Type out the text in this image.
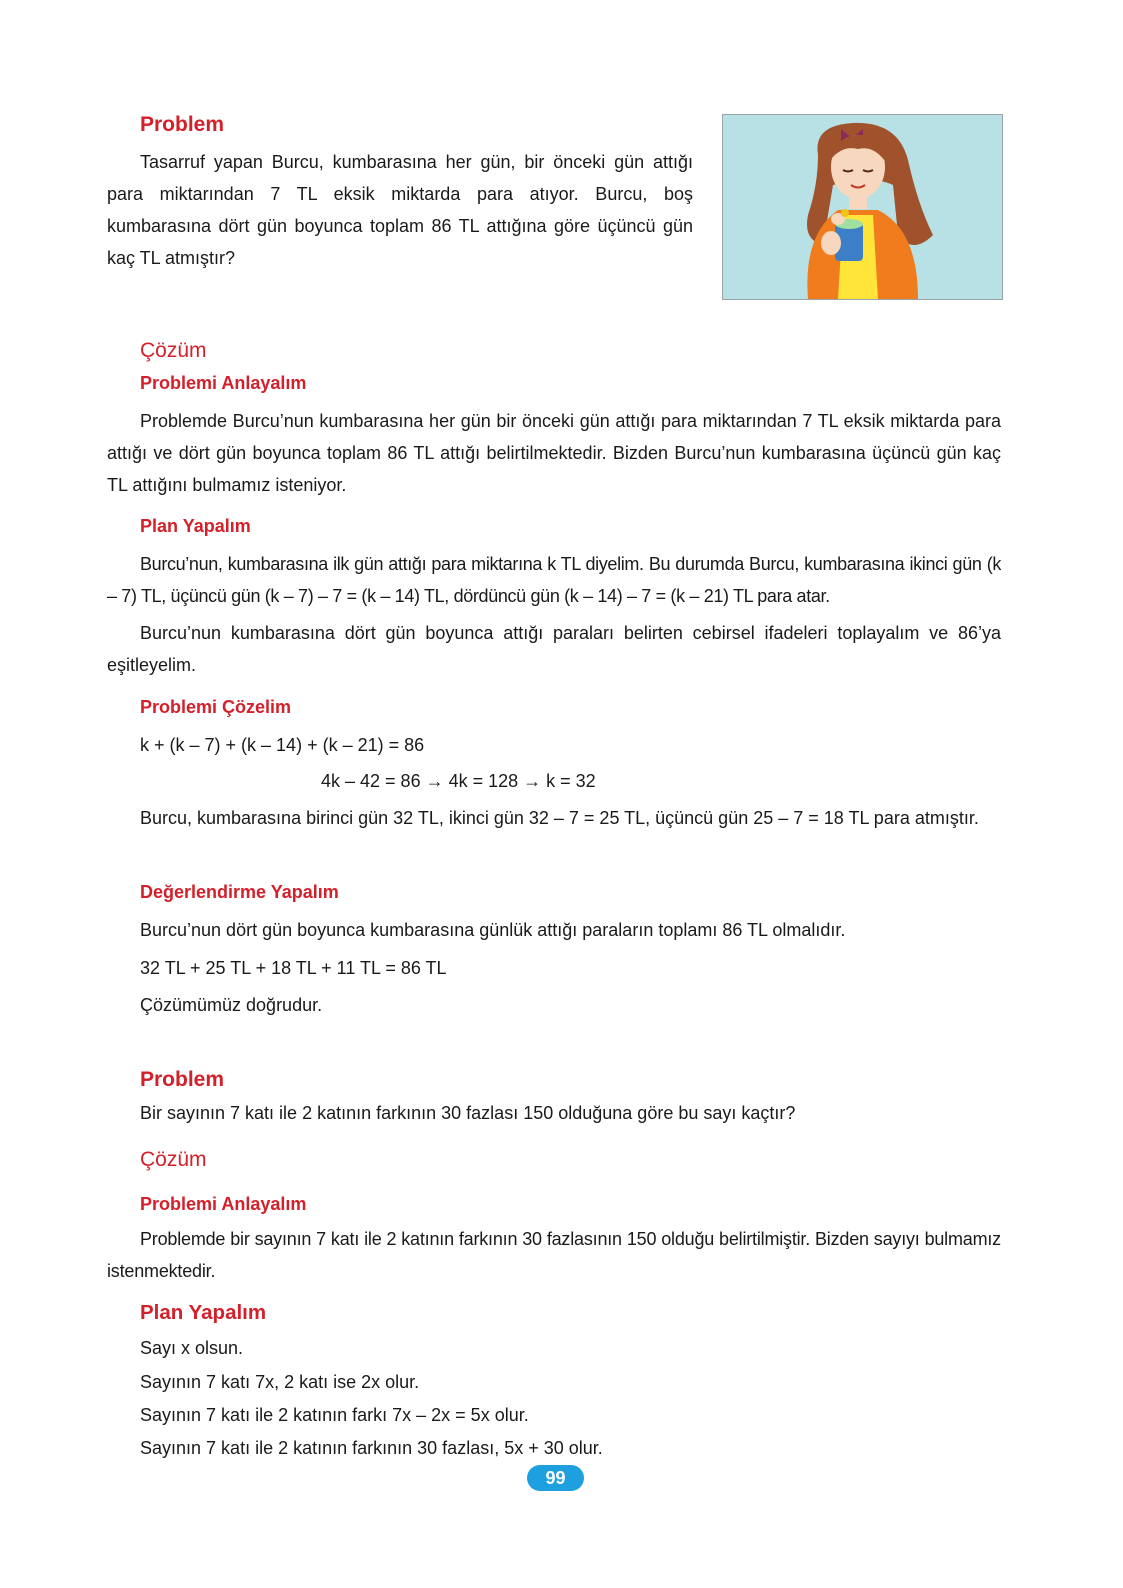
Problem
Tasarruf yapan Burcu, kumbarasına her gün, bir önceki gün attığı para miktarından 7 TL eksik miktarda para atıyor. Burcu, boş kumbarasına dört gün boyunca toplam 86 TL attığına göre üçüncü gün kaç TL atmıştır?
Çözüm
Problemi Anlayalım
Problemde Burcu’nun kumbarasına her gün bir önceki gün attığı para miktarından 7 TL eksik miktarda para attığı ve dört gün boyunca toplam 86 TL attığı belirtilmektedir. Bizden Burcu’nun kumbarasına üçüncü gün kaç TL attığını bulmamız isteniyor.
Plan Yapalım
Burcu’nun, kumbarasına ilk gün attığı para miktarına k TL diyelim. Bu durumda Burcu, kumbarasına ikinci gün (k – 7) TL, üçüncü gün (k – 7) – 7 = (k – 14) TL, dördüncü gün (k – 14) – 7 = (k – 21) TL para atar.
Burcu’nun kumbarasına dört gün boyunca attığı paraları belirten cebirsel ifadeleri toplayalım ve 86’ya eşitleyelim.
Problemi Çözelim
k + (k – 7) + (k – 14) + (k – 21) = 86
4k – 42 = 86 → 4k = 128 → k = 32
Burcu, kumbarasına birinci gün 32 TL, ikinci gün 32 – 7 = 25 TL, üçüncü gün 25 – 7 = 18 TL para atmıştır.
Değerlendirme Yapalım
Burcu’nun dört gün boyunca kumbarasına günlük attığı paraların toplamı 86 TL olmalıdır.
32 TL + 25 TL + 18 TL + 11 TL = 86 TL
Çözümümüz doğrudur.
Problem
Bir sayının 7 katı ile 2 katının farkının 30 fazlası 150 olduğuna göre bu sayı kaçtır?
Çözüm
Problemi Anlayalım
Problemde bir sayının 7 katı ile 2 katının farkının 30 fazlasının 150 olduğu belirtilmiştir. Bizden sayıyı bulmamız istenmektedir.
Plan Yapalım
Sayı x olsun.
Sayının 7 katı 7x, 2 katı ise 2x olur.
Sayının 7 katı ile 2 katının farkı 7x – 2x = 5x olur.
Sayının 7 katı ile 2 katının farkının 30 fazlası, 5x + 30 olur.
99
